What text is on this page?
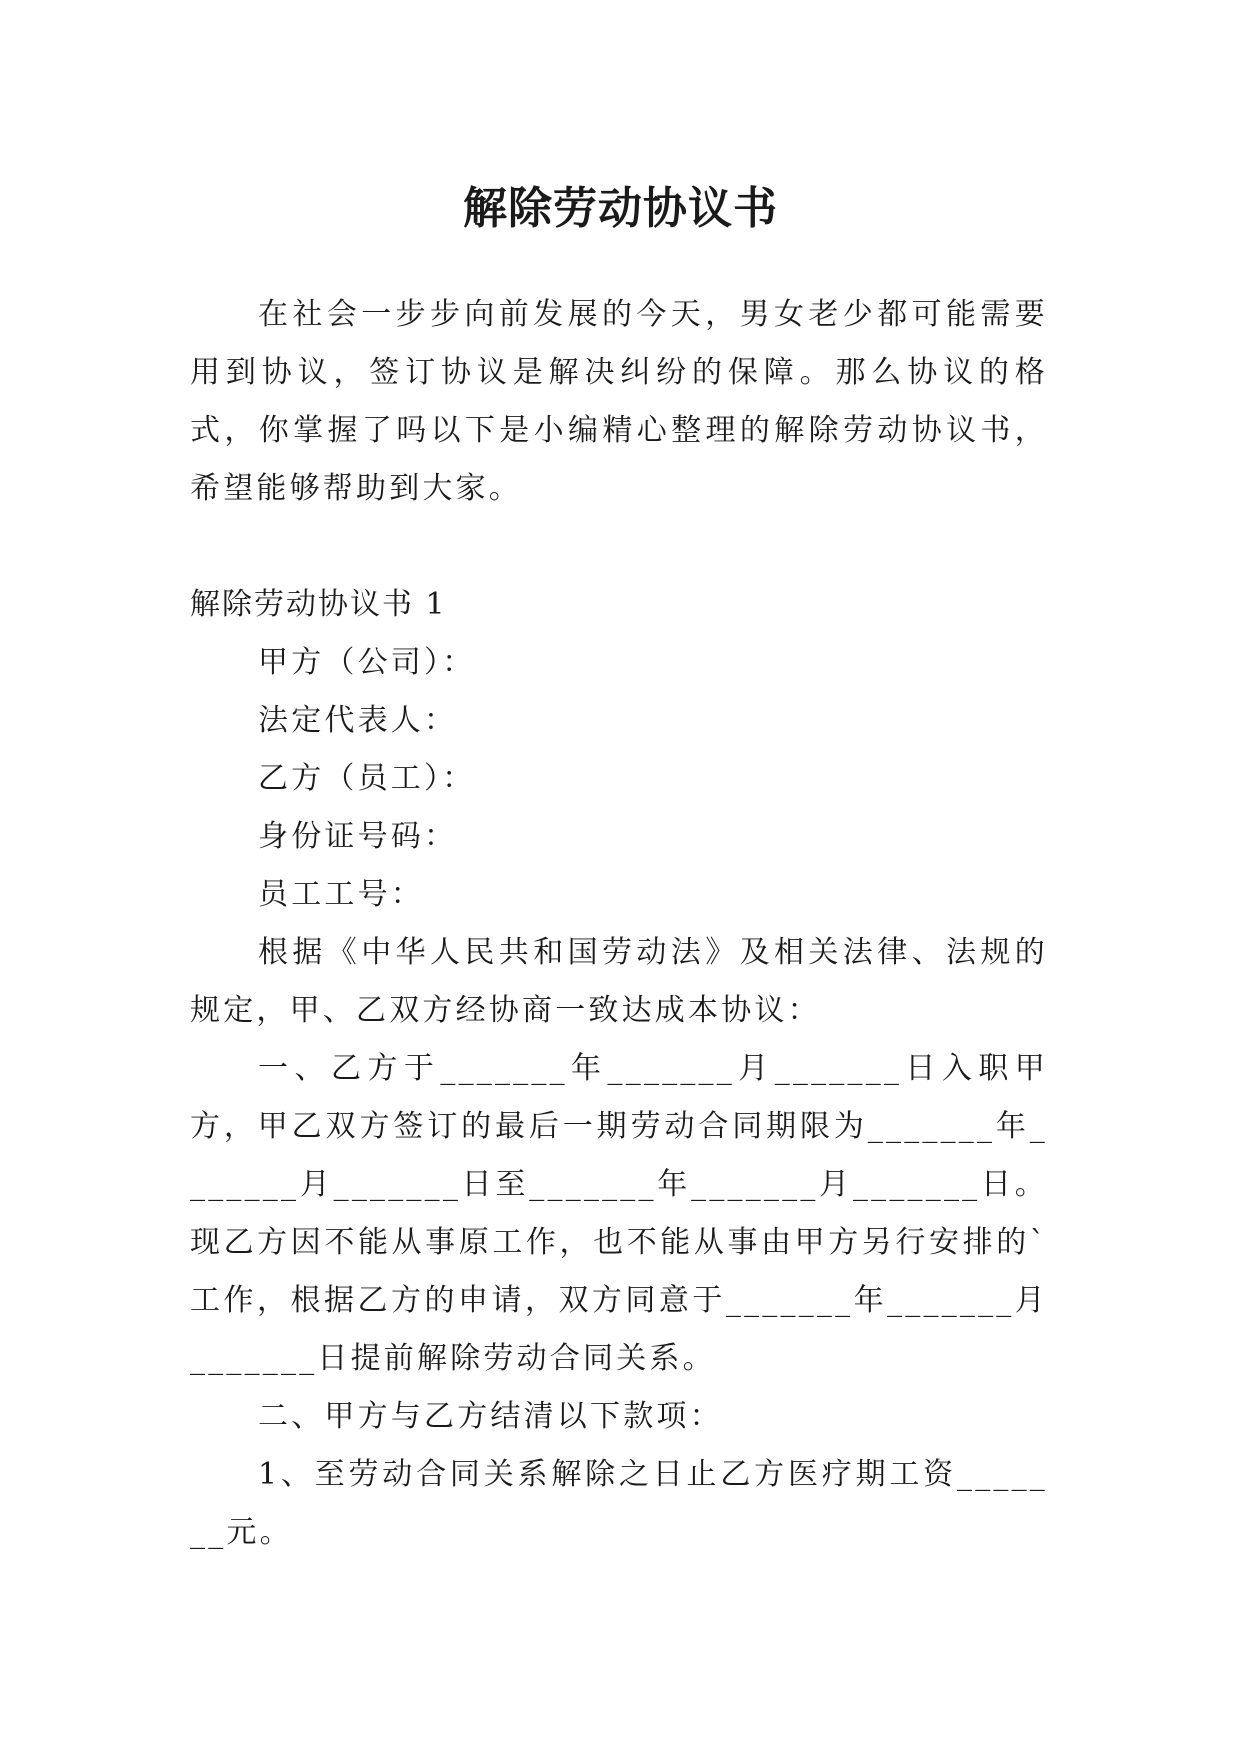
解除劳动协议书

在社会一步步向前发展的今天，男女老少都可能需要用到协议，签订协议是解决纠纷的保障。那么协议的格式，你掌握了吗以下是小编精心整理的解除劳动协议书，希望能够帮助到大家。

解除劳动协议书 1

甲方（公司）：

法定代表人：

乙方（员工）：

身份证号码：

员工工号：

根据《中华人民共和国劳动法》及相关法律、法规的规定，甲、乙双方经协商一致达成本协议：

一、乙方于_______年_______月_______日入职甲方，甲乙双方签订的最后一期劳动合同期限为_______年_______月_______日至_______年_______月_______日。现乙方因不能从事原工作，也不能从事由甲方另行安排的`工作，根据乙方的申请，双方同意于_______年_______月_______日提前解除劳动合同关系。

二、甲方与乙方结清以下款项：

1、至劳动合同关系解除之日止乙方医疗期工资_______元。
